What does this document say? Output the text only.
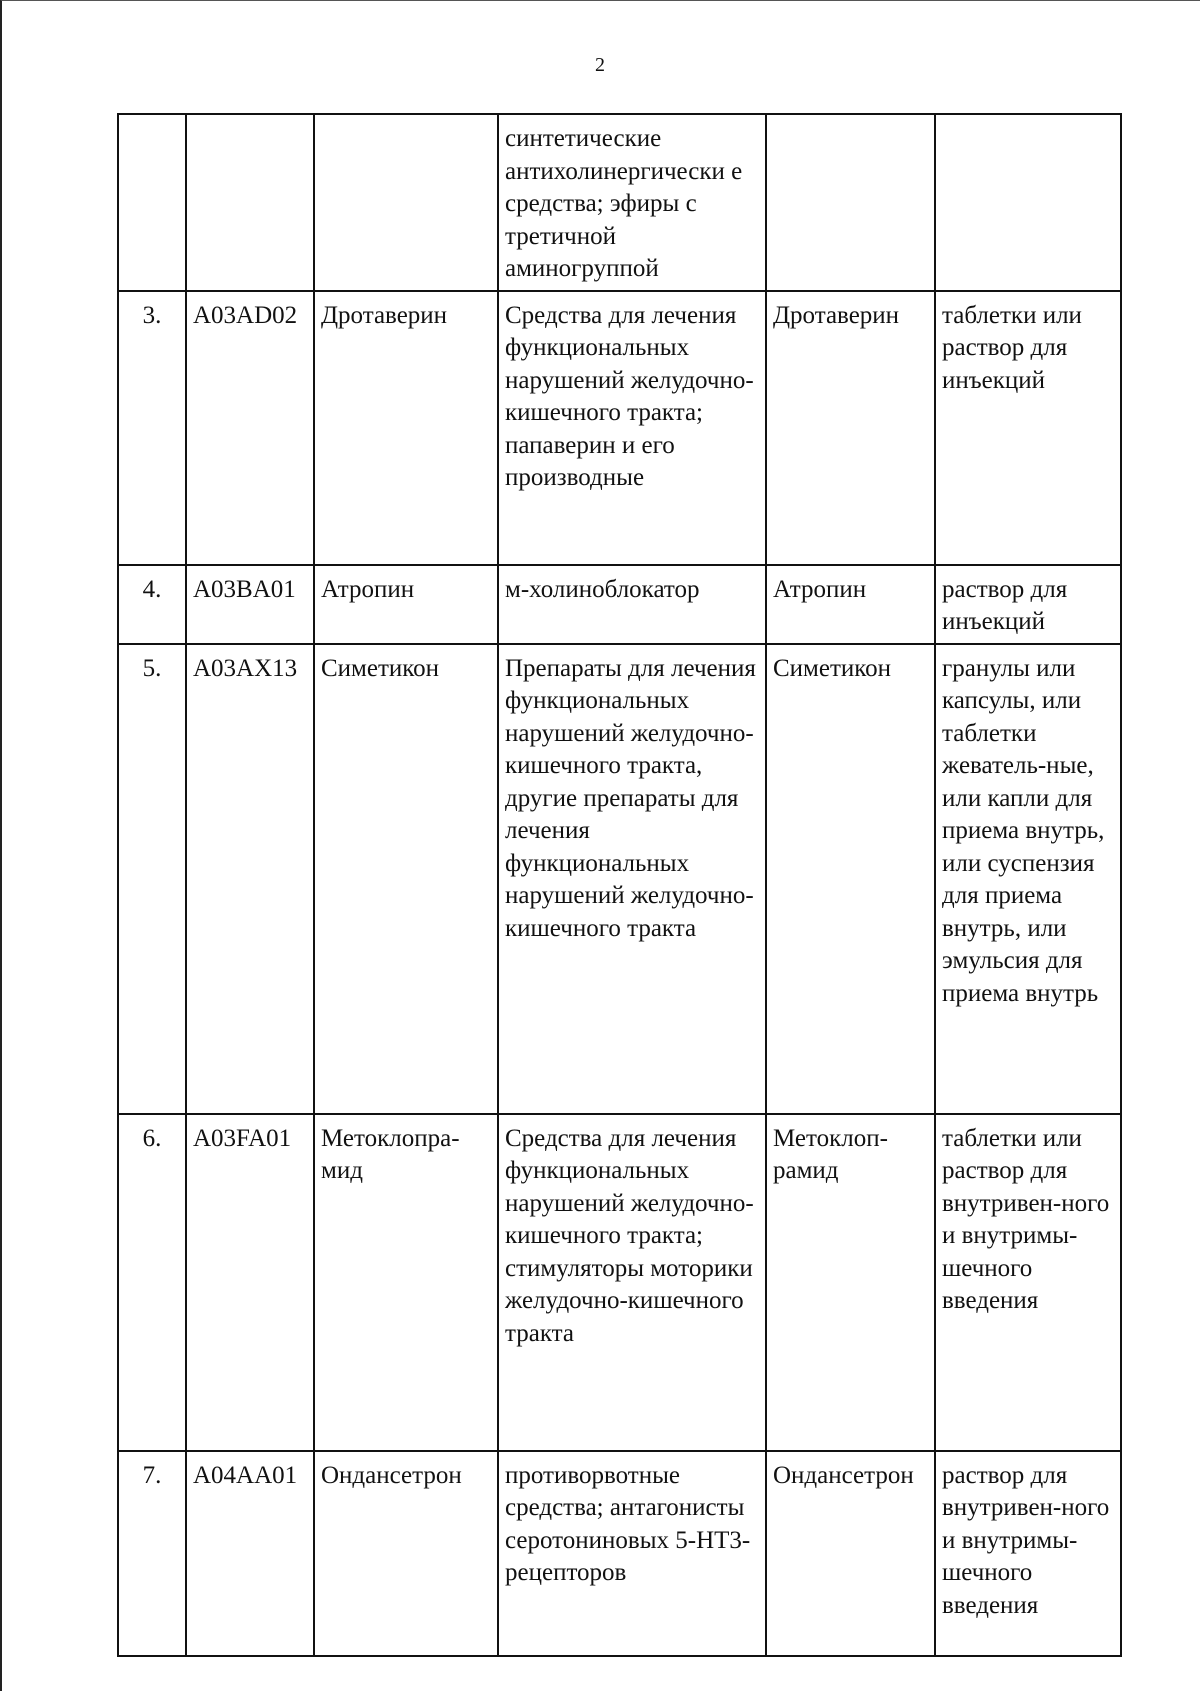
2
			синтетические антихолинергически е средства; эфиры с третичной аминогруппой		
3.	A03AD02	Дротаверин	Средства для лечения функциональных нарушений желудочно-кишечного тракта; папаверин и его производные	Дротаверин	таблетки или раствор для инъекций
4.	A03BA01	Атропин	м-холиноблокатор	Атропин	раствор для инъекций
5.	A03AX13	Симетикон	Препараты для лечения функциональных нарушений желудочно-кишечного тракта, другие препараты для лечения функциональных нарушений желудочно-кишечного тракта	Симетикон	гранулы или капсулы, или таблетки жеватель-ные, или капли для приема внутрь, или суспензия для приема внутрь, или эмульсия для приема внутрь
6.	A03FA01	Метоклопра-мид	Средства для лечения функциональных нарушений желудочно-кишечного тракта; стимуляторы моторики желудочно-кишечного тракта	Метоклоп-рамид	таблетки или раствор для внутривен-ного и внутримы-шечного введения
7.	A04AA01	Ондансетрон	противорвотные средства; антагонисты серотониновых 5-НТ3-рецепторов	Ондансетрон	раствор для внутривен-ного и внутримы-шечного введения
